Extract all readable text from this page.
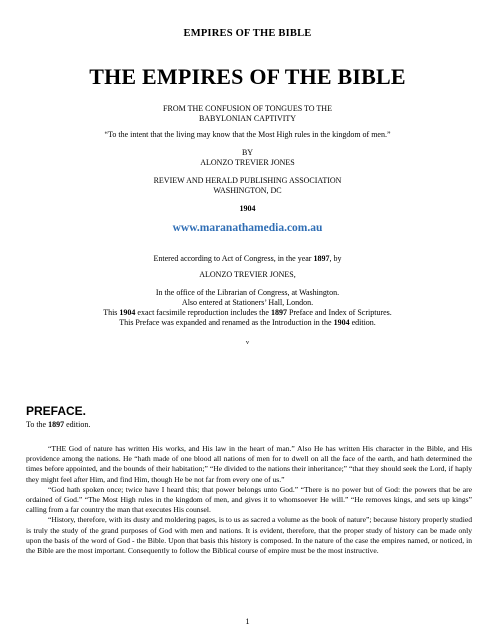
EMPIRES OF THE BIBLE
THE EMPIRES OF THE BIBLE
FROM THE CONFUSION OF TONGUES TO THE
BABYLONIAN CAPTIVITY
“To the intent that the living may know that the Most High rules in the kingdom of men.”
BY
ALONZO TREVIER JONES
REVIEW AND HERALD PUBLISHING ASSOCIATION
WASHINGTON, DC
1904
www.maranathamedia.com.au
Entered according to Act of Congress, in the year 1897, by
ALONZO TREVIER JONES,
In the office of the Librarian of Congress, at Washington.
Also entered at Stationers’ Hall, London.
This 1904 exact facsimile reproduction includes the 1897 Preface and Index of Scriptures.
This Preface was expanded and renamed as the Introduction in the 1904 edition.
v
PREFACE.
To the 1897 edition.

“THE God of nature has written His works, and His law in the heart of man.” Also He has written His character in the Bible, and His providence among the nations. He “hath made of one blood all nations of men for to dwell on all the face of the earth, and hath determined the times before appointed, and the bounds of their habitation;” “He divided to the nations their inheritance;” “that they should seek the Lord, if haply they might feel after Him, and find Him, though He be not far from every one of us.”

“God hath spoken once; twice have I heard this; that power belongs unto God.” “There is no power but of God: the powers that be are ordained of God.” “The Most High rules in the kingdom of men, and gives it to whomsoever He will.” “He removes kings, and sets up kings” calling from a far country the man that executes His counsel.

“History, therefore, with its dusty and moldering pages, is to us as sacred a volume as the book of nature”; because history properly studied is truly the study of the grand purposes of God with men and nations. It is evident, therefore, that the proper study of history can be made only upon the basis of the word of God - the Bible. Upon that basis this history is composed. In the nature of the case the empires named, or noticed, in the Bible are the most important. Consequently to follow the Biblical course of empire must be the most instructive.

1
